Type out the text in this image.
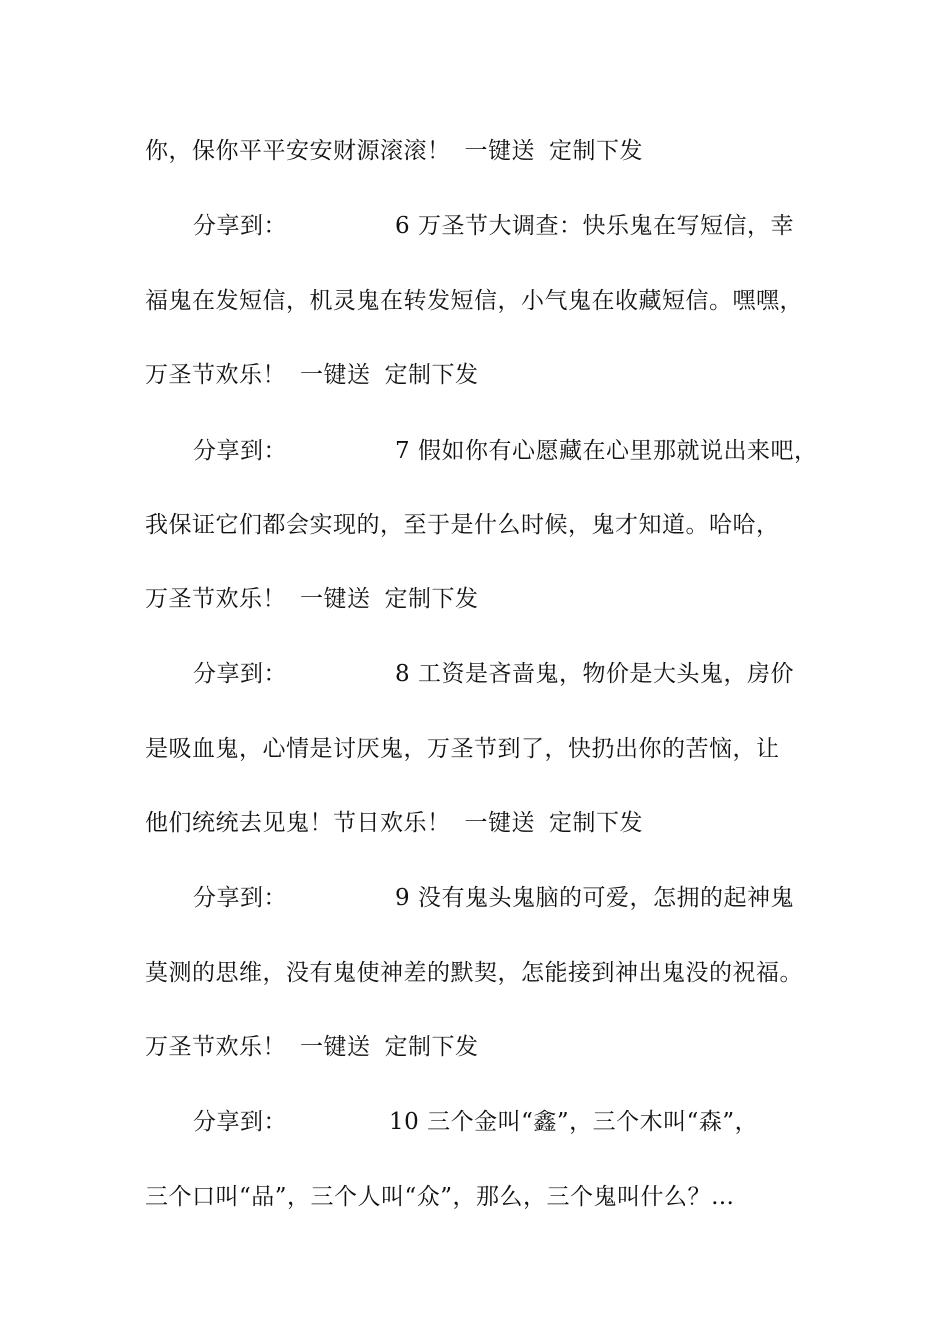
你，保你平平安安财源滚滚！ 一键送 定制下发
分享到：	6 万圣节大调查：快乐鬼在写短信，幸
福鬼在发短信，机灵鬼在转发短信，小气鬼在收藏短信。嘿嘿，
万圣节欢乐！ 一键送 定制下发
分享到：	7 假如你有心愿藏在心里那就说出来吧，
我保证它们都会实现的，至于是什么时候，鬼才知道。哈哈，
万圣节欢乐！ 一键送 定制下发
分享到：	8 工资是吝啬鬼，物价是大头鬼，房价
是吸血鬼，心情是讨厌鬼，万圣节到了，快扔出你的苦恼，让
他们统统去见鬼！节日欢乐！ 一键送 定制下发
分享到：	9 没有鬼头鬼脑的可爱，怎拥的起神鬼
莫测的思维，没有鬼使神差的默契，怎能接到神出鬼没的祝福。
万圣节欢乐！ 一键送 定制下发
分享到：	10 三个金叫“鑫”，三个木叫“森”，
三个口叫“品”，三个人叫“众”，那么，三个鬼叫什么？…
